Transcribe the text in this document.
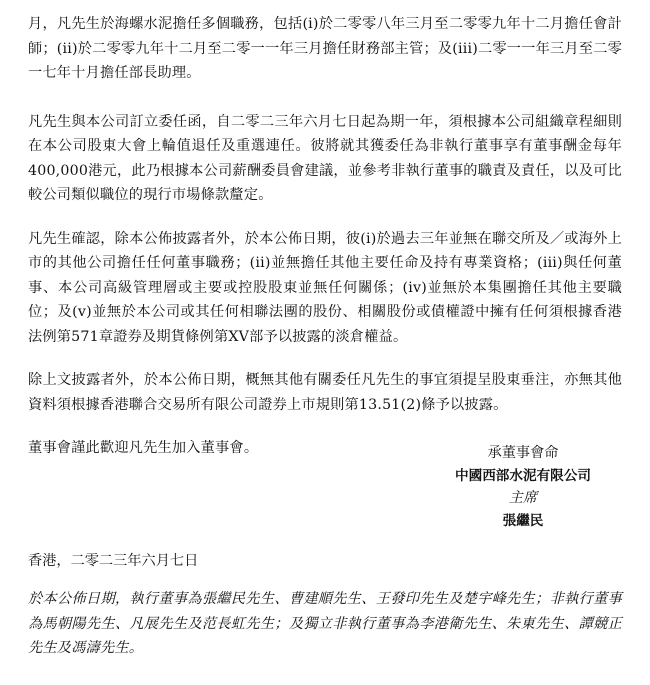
月，凡先生於海螺水泥擔任多個職務，包括(i)於二零零八年三月至二零零九年十二月擔任會計師；(ii)於二零零九年十二月至二零一一年三月擔任財務部主管；及(iii)二零一一年三月至二零一七年十月擔任部長助理。

凡先生與本公司訂立委任函，自二零二三年六月七日起為期一年，須根據本公司組織章程細則在本公司股東大會上輪值退任及重選連任。彼將就其獲委任為非執行董事享有董事酬金每年400,000港元，此乃根據本公司薪酬委員會建議，並參考非執行董事的職責及責任，以及可比較公司類似職位的現行市場條款釐定。

凡先生確認，除本公佈披露者外，於本公佈日期，彼(i)於過去三年並無在聯交所及／或海外上市的其他公司擔任任何董事職務；(ii)並無擔任其他主要任命及持有專業資格；(iii)與任何董事、本公司高級管理層或主要或控股股東並無任何關係；(iv)並無於本集團擔任其他主要職位；及(v)並無於本公司或其任何相聯法團的股份、相關股份或債權證中擁有任何須根據香港法例第571章證券及期貨條例第XV部予以披露的淡倉權益。

除上文披露者外，於本公佈日期，概無其他有關委任凡先生的事宜須提呈股東垂注，亦無其他資料須根據香港聯合交易所有限公司證券上市規則第13.51(2)條予以披露。

董事會謹此歡迎凡先生加入董事會。	承董事會命
中國西部水泥有限公司
主席
張繼民
香港，二零二三年六月七日

於本公佈日期，執行董事為張繼民先生、曹建順先生、王發印先生及楚宇峰先生；非執行董事為馬朝陽先生、凡展先生及范長虹先生；及獨立非執行董事為李港衛先生、朱東先生、譚競正先生及馮濤先生。
